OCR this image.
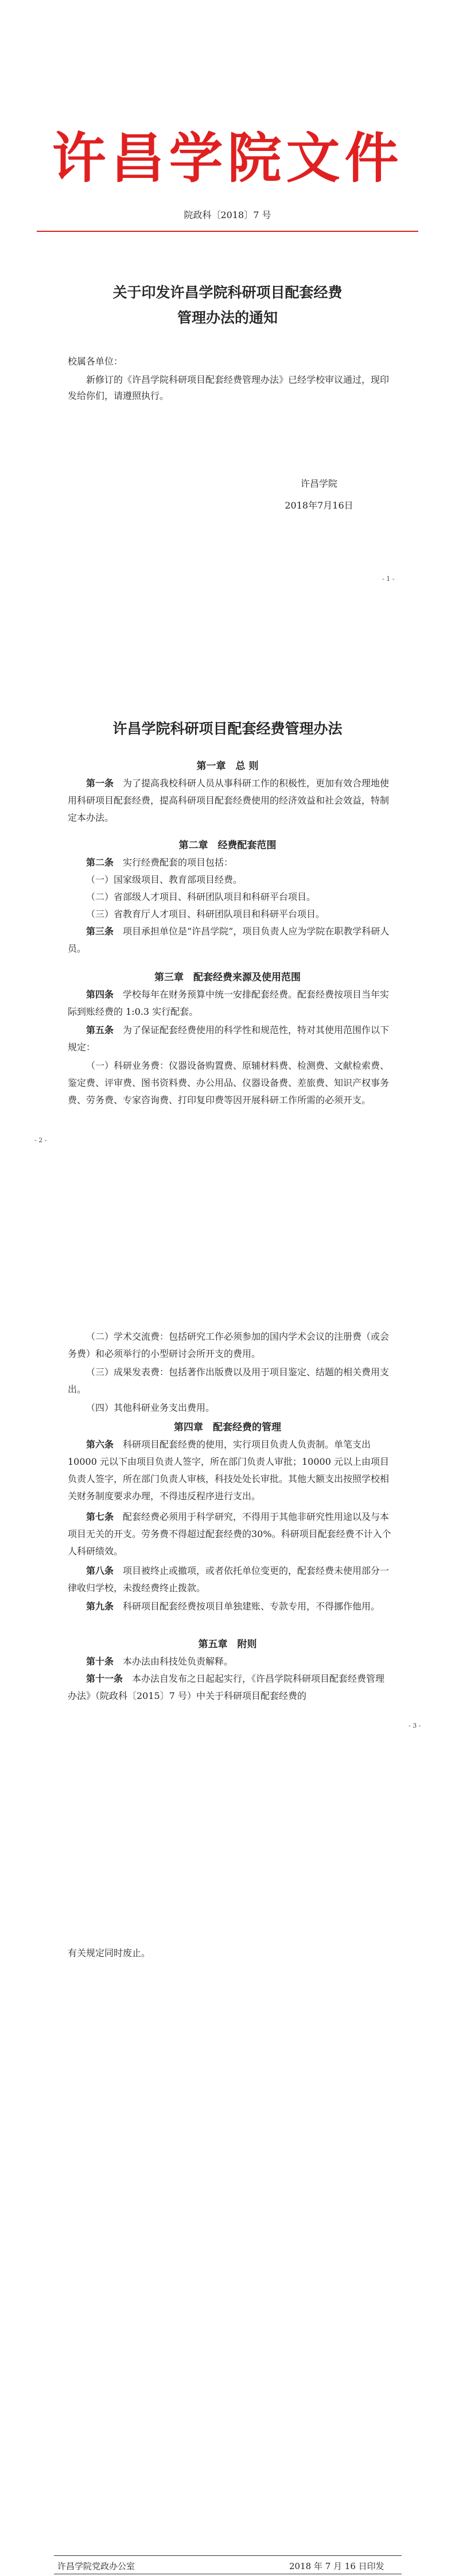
许昌学院文件
院政科〔2018〕7 号
关于印发许昌学院科研项目配套经费
管理办法的通知
校属各单位：
新修订的《许昌学院科研项目配套经费管理办法》已经学校审议通过，现印发给你们，请遵照执行。
许昌学院
2018年7月16日
- 1 -
许昌学院科研项目配套经费管理办法
第一章　总 则
第一条　 为了提高我校科研人员从事科研工作的积极性，更加有效合理地使用科研项目配套经费，提高科研项目配套经费使用的经济效益和社会效益，特制定本办法。
第二章　经费配套范围
第二条　 实行经费配套的项目包括：
（一）国家级项目、教育部项目经费。
（二）省部级人才项目、科研团队项目和科研平台项目。
（三）省教育厅人才项目、科研团队项目和科研平台项目。
第三条　 项目承担单位是“许昌学院”，项目负责人应为学院在职教学科研人员。
第三章　配套经费来源及使用范围
第四条　 学校每年在财务预算中统一安排配套经费。配套经费按项目当年实际到账经费的 1:0.3 实行配套。
第五条　 为了保证配套经费使用的科学性和规范性，特对其使用范围作以下规定：
（一）科研业务费：仪器设备购置费、原辅材料费、检测费、文献检索费、鉴定费、评审费、图书资料费、办公用品、仪器设备费、差旅费、知识产权事务费、劳务费、专家咨询费、打印复印费等因开展科研工作所需的必须开支。
- 2 -
（二）学术交流费：包括研究工作必须参加的国内学术会议的注册费（或会务费）和必须举行的小型研讨会所开支的费用。
（三）成果发表费：包括著作出版费以及用于项目鉴定、结题的相关费用支出。
（四）其他科研业务支出费用。
第四章　配套经费的管理
第六条　 科研项目配套经费的使用，实行项目负责人负责制。单笔支出10000 元以下由项目负责人签字，所在部门负责人审批；10000 元以上由项目负责人签字，所在部门负责人审核，科技处处长审批。其他大额支出按照学校相关财务制度要求办理，不得违反程序进行支出。
第七条　 配套经费必须用于科学研究，不得用于其他非研究性用途以及与本项目无关的开支。劳务费不得超过配套经费的30%。科研项目配套经费不计入个人科研绩效。
第八条　 项目被终止或撤项，或者依托单位变更的，配套经费未使用部分一律收归学校，未拨经费终止拨款。
第九条　 科研项目配套经费按项目单独建账、专款专用，不得挪作他用。
第五章　附则
第十条　 本办法由科技处负责解释。
第十一条　 本办法自发布之日起起实行，《许昌学院科研项目配套经费管理办法》（院政科〔2015〕7 号）中关于科研项目配套经费的
- 3 -
有关规定同时废止。
许昌学院党政办公室	2018 年 7 月 16 日印发
